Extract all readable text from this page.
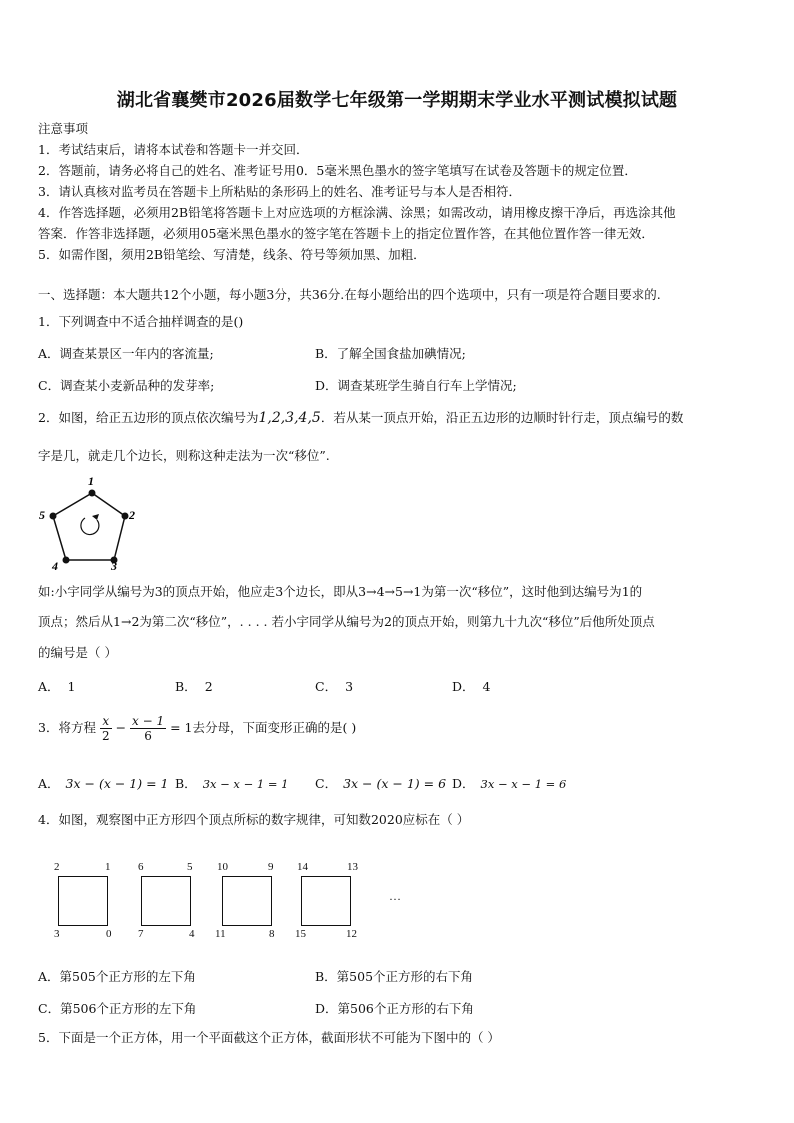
湖北省襄樊市2026届数学七年级第一学期期末学业水平测试模拟试题
注意事项
1．考试结束后，请将本试卷和答题卡一并交回．
2．答题前，请务必将自己的姓名、准考证号用0．5毫米黑色墨水的签字笔填写在试卷及答题卡的规定位置．
3．请认真核对监考员在答题卡上所粘贴的条形码上的姓名、准考证号与本人是否相符．
4．作答选择题，必须用2B铅笔将答题卡上对应选项的方框涂满、涂黑；如需改动，请用橡皮擦干净后，再选涂其他
答案．作答非选择题，必须用05毫米黑色墨水的签字笔在答题卡上的指定位置作答，在其他位置作答一律无效．
5．如需作图，须用2B铅笔绘、写清楚，线条、符号等须加黑、加粗．
一、选择题：本大题共12个小题，每小题3分，共36分.在每小题给出的四个选项中，只有一项是符合题目要求的.
1．下列调查中不适合抽样调查的是()
A．调查某景区一年内的客流量;	B．了解全国食盐加碘情况;
C．调查某小麦新品种的发芽率;	D．调查某班学生骑自行车上学情况;
2．如图，给正五边形的顶点依次编号为1,2,3,4,5．若从某一顶点开始，沿正五边形的边顺时针行走，顶点编号的数
字是几，就走几个边长，则称这种走法为一次“移位”.
1
2
3
4
5
如:小宇同学从编号为3的顶点开始，他应走3个边长，即从3→4→5→1为第一次“移位”，这时他到达编号为1的
顶点；然后从1→2为第二次“移位”，. . . . 若小宇同学从编号为2的顶点开始，则第九十九次“移位”后他所处顶点
的编号是（ ）
A． 1	B． 2	C． 3	D． 4
3．将方程 $\frac{x}{2} - \frac{x - 1}{6} = 1$去分母，下面变形正确的是( )
A． 3x − (x − 1) = 1 B． 3x − x − 1 = 1 C． 3x − (x − 1) = 6 D． 3x − x − 1 = 6
4．如图，观察图中正方形四个顶点所标的数字规律，可知数2020应标在（ ）
2	1
3	0
6	5
7	4
10	9
11	8
14	13
15	12
…
A．第505个正方形的左下角	B．第505个正方形的右下角
C．第506个正方形的左下角	D．第506个正方形的右下角
5．下面是一个正方体，用一个平面截这个正方体，截面形状不可能为下图中的（ ）
